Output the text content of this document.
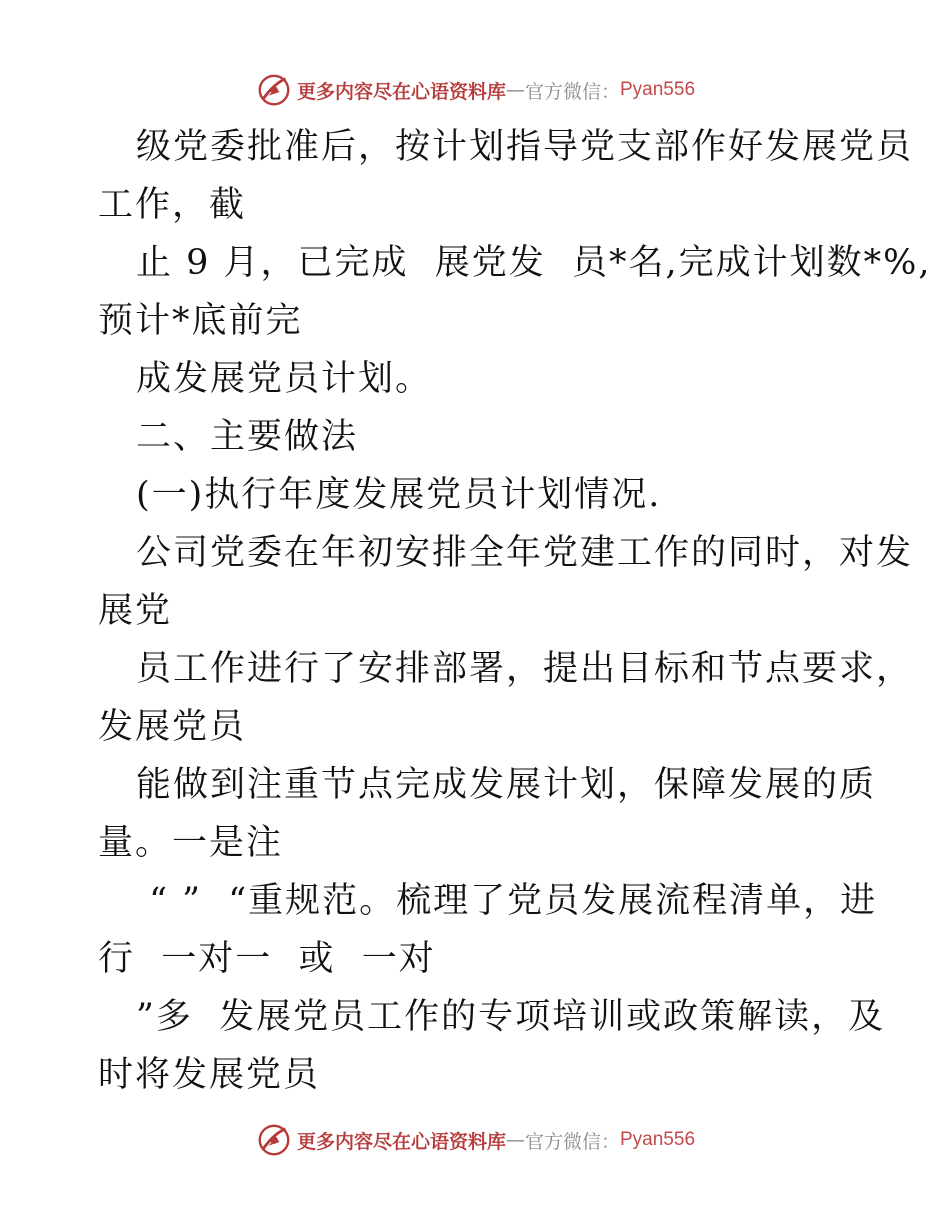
更多内容尽在心语资料库 — 官方微信： Pyan556
级党委批准后，按计划指导党支部作好发展党员
工作，截
止 9 月，已完成  展党发  员*名,完成计划数*%,
预计*底前完
成发展党员计划。
二、主要做法
(一)执行年度发展党员计划情况.
公司党委在年初安排全年党建工作的同时，对发
展党
员工作进行了安排部署，提出目标和节点要求，
发展党员
能做到注重节点完成发展计划，保障发展的质
量。一是注
“ ”  “重规范。梳理了党员发展流程清单，进
行  一对一  或  一对
”多  发展党员工作的专项培训或政策解读，及
时将发展党员
更多内容尽在心语资料库 — 官方微信： Pyan556
